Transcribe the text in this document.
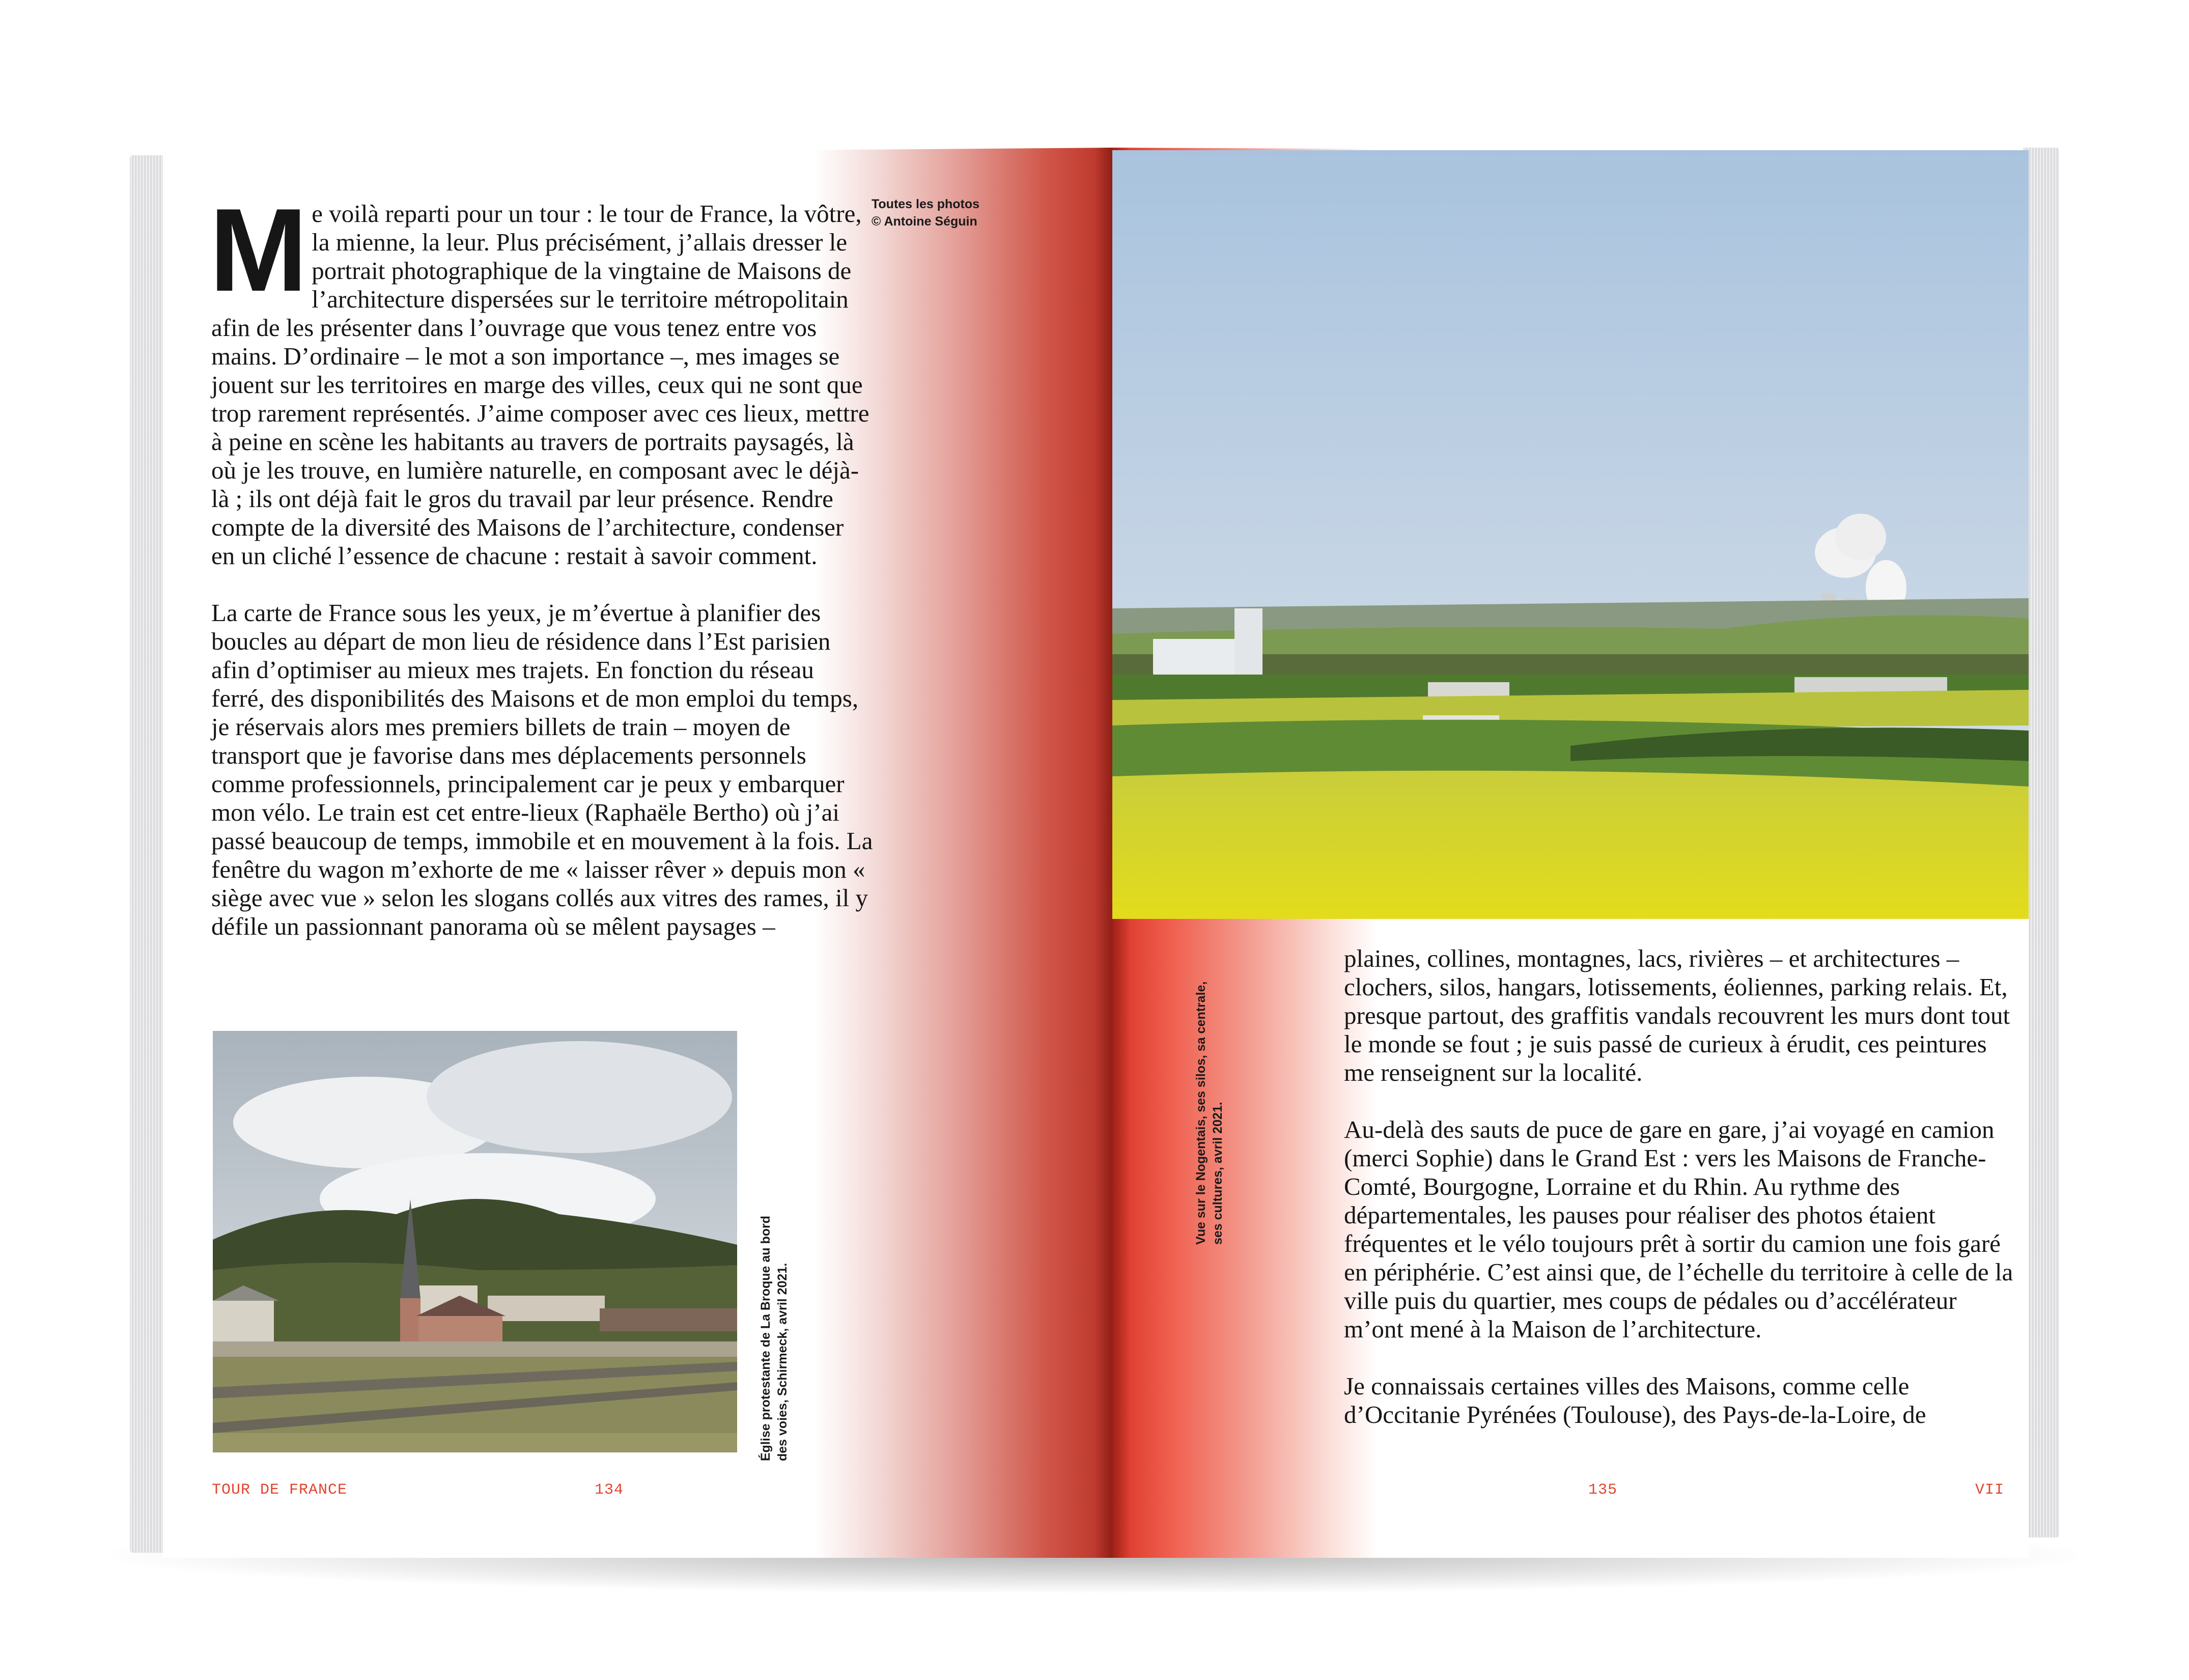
Me voilà reparti pour un tour : le tour de France, la vôtre, la mienne, la leur. Plus précisément, j’allais dresser le portrait photographique de la vingtaine de Maisons de l’architecture dispersées sur le territoire métropolitain afin de les présenter dans l’ouvrage que vous tenez entre vos mains. D’ordinaire – le mot a son importance –, mes images se jouent sur les territoires en marge des villes, ceux qui ne sont que trop rarement représentés. J’aime composer avec ces lieux, mettre à peine en scène les habitants au travers de portraits paysagés, là où je les trouve, en lumière naturelle, en composant avec le déjà-là ; ils ont déjà fait le gros du travail par leur présence. Rendre compte de la diversité des Maisons de l’architecture, condenser en un cliché l’essence de chacune : restait à savoir comment.

La carte de France sous les yeux, je m’évertue à planifier des boucles au départ de mon lieu de résidence dans l’Est parisien afin d’optimiser au mieux mes trajets. En fonction du réseau ferré, des disponibilités des Maisons et de mon emploi du temps, je réservais alors mes premiers billets de train – moyen de transport que je favorise dans mes déplacements personnels comme professionnels, principalement car je peux y embarquer mon vélo. Le train est cet entre-lieux (Raphaële Bertho) où j’ai passé beaucoup de temps, immobile et en mouvement à la fois. La fenêtre du wagon m’exhorte de me « laisser rêver » depuis mon « siège avec vue » selon les slogans collés aux vitres des rames, il y défile un passionnant panorama où se mêlent paysages –

Toutes les photos
© Antoine Séguin
Église protestante de La Broque au bord des voies, Schirmeck, avril 2021.
TOUR DE FRANCE	134
Vue sur le Nogentais, ses silos, sa centrale, ses cultures, avril 2021.

plaines, collines, montagnes, lacs, rivières – et architectures – clochers, silos, hangars, lotissements, éoliennes, parking relais. Et, presque partout, des graffitis vandals recouvrent les murs dont tout le monde se fout ; je suis passé de curieux à érudit, ces peintures me renseignent sur la localité.

Au-delà des sauts de puce de gare en gare, j’ai voyagé en camion (merci Sophie) dans le Grand Est : vers les Maisons de Franche-Comté, Bourgogne, Lorraine et du Rhin. Au rythme des départementales, les pauses pour réaliser des photos étaient fréquentes et le vélo toujours prêt à sortir du camion une fois garé en périphérie. C’est ainsi que, de l’échelle du territoire à celle de la ville puis du quartier, mes coups de pédales ou d’accélérateur m’ont mené à la Maison de l’architecture.

Je connaissais certaines villes des Maisons, comme celle d’Occitanie Pyrénées (Toulouse), des Pays-de-la-Loire, de

135	VII
